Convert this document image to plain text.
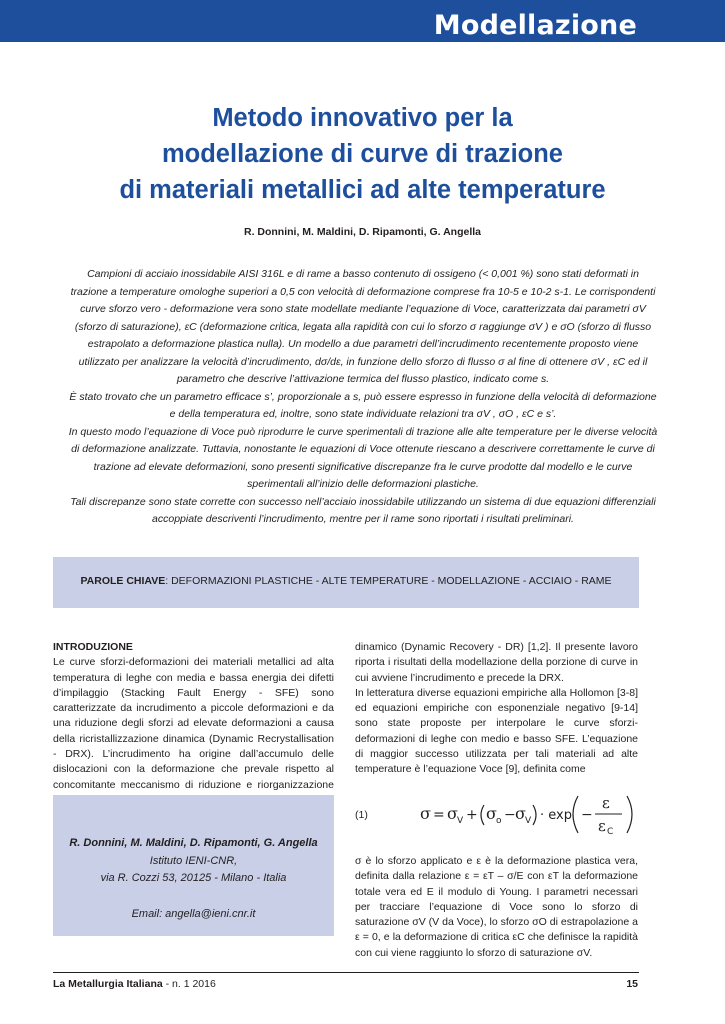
Modellazione
Metodo innovativo per la
modellazione di curve di trazione
di materiali metallici ad alte temperature
R. Donnini, M. Maldini, D. Ripamonti, G. Angella

Campioni di acciaio inossidabile AISI 316L e di rame a basso contenuto di ossigeno (< 0,001 %) sono stati deformati in trazione a temperature omologhe superiori a 0,5 con velocità di deformazione comprese fra 10-5 e 10-2 s-1. Le corrispondenti curve sforzo vero - deformazione vera sono state modellate mediante l’equazione di Voce, caratterizzata dai parametri σV (sforzo di saturazione), εC (deformazione critica, legata alla rapidità con cui lo sforzo σ raggiunge σV ) e σO (sforzo di flusso estrapolato a deformazione plastica nulla). Un modello a due parametri dell’incrudimento recentemente proposto viene utilizzato per analizzare la velocità d’incrudimento, dσ/dε, in funzione dello sforzo di flusso σ al fine di ottenere σV , εC ed il parametro che descrive l’attivazione termica del flusso plastico, indicato come s.

È stato trovato che un parametro efficace s’, proporzionale a s, può essere espresso in funzione della velocità di deformazione e della temperatura ed, inoltre, sono state individuate relazioni tra σV , σO , εC e s’.

In questo modo l’equazione di Voce può riprodurre le curve sperimentali di trazione alle alte temperature per le diverse velocità di deformazione analizzate. Tuttavia, nonostante le equazioni di Voce ottenute riescano a descrivere correttamente le curve di trazione ad elevate deformazioni, sono presenti significative discrepanze fra le curve prodotte dal modello e le curve sperimentali all’inizio delle deformazioni plastiche.

Tali discrepanze sono state corrette con successo nell’acciaio inossidabile utilizzando un sistema di due equazioni differenziali accoppiate descriventi l’incrudimento, mentre per il rame sono riportati i risultati preliminari.

PAROLE CHIAVE: DEFORMAZIONI PLASTICHE - ALTE TEMPERATURE - MODELLAZIONE - ACCIAIO - RAME
INTRODUZIONE

Le curve sforzi-deformazioni dei materiali metallici ad alta temperatura di leghe con media e bassa energia dei difetti d’impilaggio (Stacking Fault Energy - SFE) sono caratterizzate da incrudimento a piccole deformazioni e da una riduzione degli sforzi ad elevate deformazioni a causa della ricristallizzazione dinamica (Dynamic Recrystallisation - DRX). L’incrudimento ha origine dall’accumulo delle dislocazioni con la deformazione che prevale rispetto al concomitante meccanismo di riduzione e riorganizzazione

R. Donnini, M. Maldini, D. Ripamonti, G. Angella
Istituto IENI-CNR,
via R. Cozzi 53, 20125 - Milano - Italia
Email: angella@ieni.cnr.it

dinamico (Dynamic Recovery - DR) [1,2]. Il presente lavoro riporta i risultati della modellazione della porzione di curve in cui avviene l’incrudimento e precede la DRX.

In letteratura diverse equazioni empiriche alla Hollomon [3-8] ed equazioni empiriche con esponenziale negativo [9-14] sono state proposte per interpolare le curve sforzi-deformazioni di leghe con medio e basso SFE. L’equazione di maggior successo utilizzata per tali materiali ad alte temperature è l’equazione Voce [9], definita come

(1)	σ = σ V + σ o − σ V · exp −
ε
ε C
σ è lo sforzo applicato e ε è la deformazione plastica vera, definita dalla relazione ε = εT – σ/E con εT la deformazione totale vera ed E il modulo di Young. I parametri necessari per tracciare l’equazione di Voce sono lo sforzo di saturazione σV (V da Voce), lo sforzo σO di estrapolazione a ε = 0, e la deformazione di critica εC che definisce la rapidità con cui viene raggiunto lo sforzo di saturazione σV.
La Metallurgia Italiana - n. 1 2016	15
